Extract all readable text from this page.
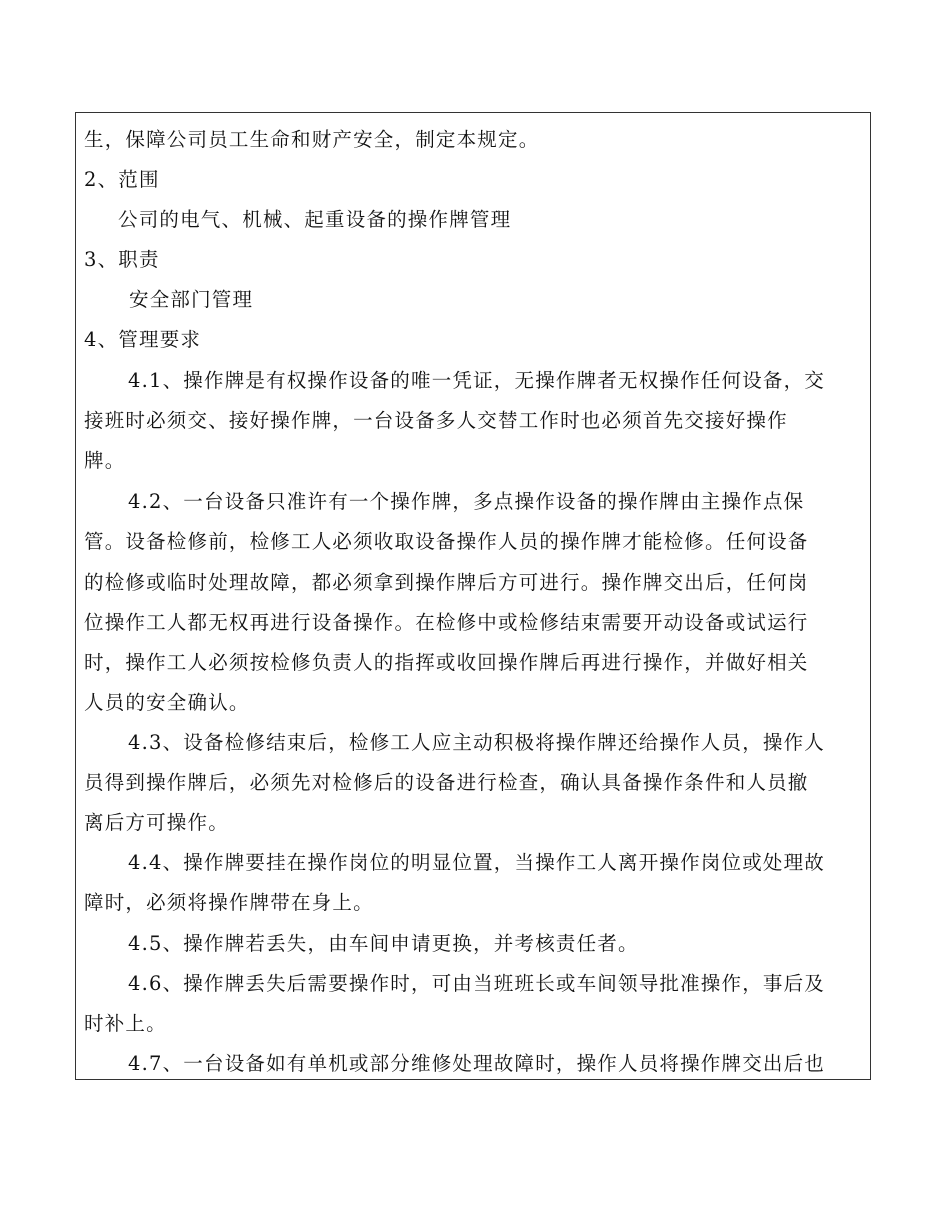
生，保障公司员工生命和财产安全，制定本规定。
2、范围
公司的电气、机械、起重设备的操作牌管理
3、职责
安全部门管理
4、管理要求
4.1、操作牌是有权操作设备的唯一凭证，无操作牌者无权操作任何设备，交
接班时必须交、接好操作牌，一台设备多人交替工作时也必须首先交接好操作
牌。
4.2、一台设备只准许有一个操作牌，多点操作设备的操作牌由主操作点保
管。设备检修前，检修工人必须收取设备操作人员的操作牌才能检修。任何设备
的检修或临时处理故障，都必须拿到操作牌后方可进行。操作牌交出后，任何岗
位操作工人都无权再进行设备操作。在检修中或检修结束需要开动设备或试运行
时，操作工人必须按检修负责人的指挥或收回操作牌后再进行操作，并做好相关
人员的安全确认。
4.3、设备检修结束后，检修工人应主动积极将操作牌还给操作人员，操作人
员得到操作牌后，必须先对检修后的设备进行检查，确认具备操作条件和人员撤
离后方可操作。
4.4、操作牌要挂在操作岗位的明显位置，当操作工人离开操作岗位或处理故
障时，必须将操作牌带在身上。
4.5、操作牌若丢失，由车间申请更换，并考核责任者。
4.6、操作牌丢失后需要操作时，可由当班班长或车间领导批准操作，事后及
时补上。
4.7、一台设备如有单机或部分维修处理故障时，操作人员将操作牌交出后也
